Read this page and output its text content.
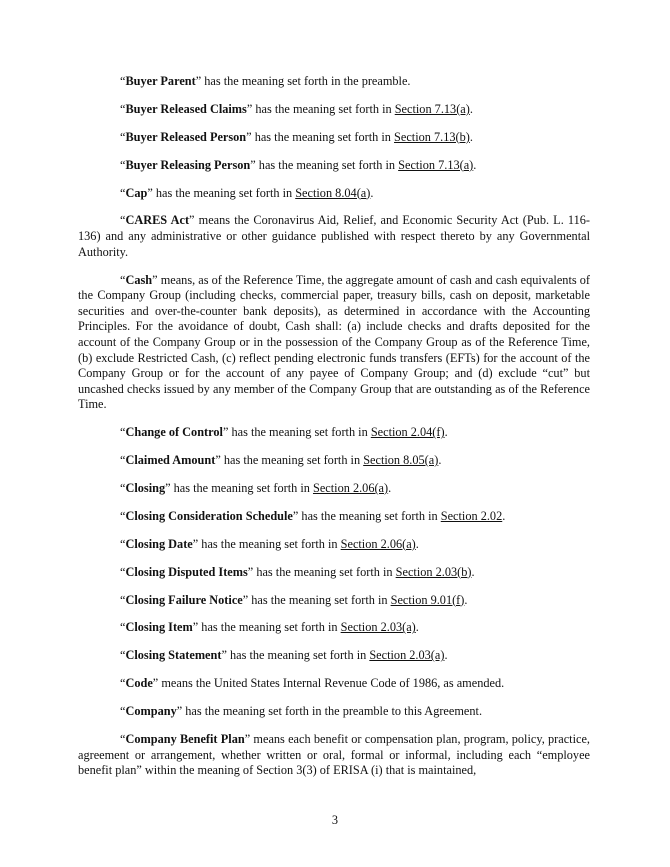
“Buyer Parent” has the meaning set forth in the preamble.

“Buyer Released Claims” has the meaning set forth in Section 7.13(a).

“Buyer Released Person” has the meaning set forth in Section 7.13(b).

“Buyer Releasing Person” has the meaning set forth in Section 7.13(a).

“Cap” has the meaning set forth in Section 8.04(a).

“CARES Act” means the Coronavirus Aid, Relief, and Economic Security Act (Pub. L. 116-136) and any administrative or other guidance published with respect thereto by any Governmental Authority.

“Cash” means, as of the Reference Time, the aggregate amount of cash and cash equivalents of the Company Group (including checks, commercial paper, treasury bills, cash on deposit, marketable securities and over-the-counter bank deposits), as determined in accordance with the Accounting Principles. For the avoidance of doubt, Cash shall: (a) include checks and drafts deposited for the account of the Company Group or in the possession of the Company Group as of the Reference Time, (b) exclude Restricted Cash, (c) reflect pending electronic funds transfers (EFTs) for the account of the Company Group or for the account of any payee of Company Group; and (d) exclude “cut” but uncashed checks issued by any member of the Company Group that are outstanding as of the Reference Time.

“Change of Control” has the meaning set forth in Section 2.04(f).

“Claimed Amount” has the meaning set forth in Section 8.05(a).

“Closing” has the meaning set forth in Section 2.06(a).

“Closing Consideration Schedule” has the meaning set forth in Section 2.02.

“Closing Date” has the meaning set forth in Section 2.06(a).

“Closing Disputed Items” has the meaning set forth in Section 2.03(b).

“Closing Failure Notice” has the meaning set forth in Section 9.01(f).

“Closing Item” has the meaning set forth in Section 2.03(a).

“Closing Statement” has the meaning set forth in Section 2.03(a).

“Code” means the United States Internal Revenue Code of 1986, as amended.

“Company” has the meaning set forth in the preamble to this Agreement.

“Company Benefit Plan” means each benefit or compensation plan, program, policy, practice, agreement or arrangement, whether written or oral, formal or informal, including each “employee benefit plan” within the meaning of Section 3(3) of ERISA (i) that is maintained,

3
